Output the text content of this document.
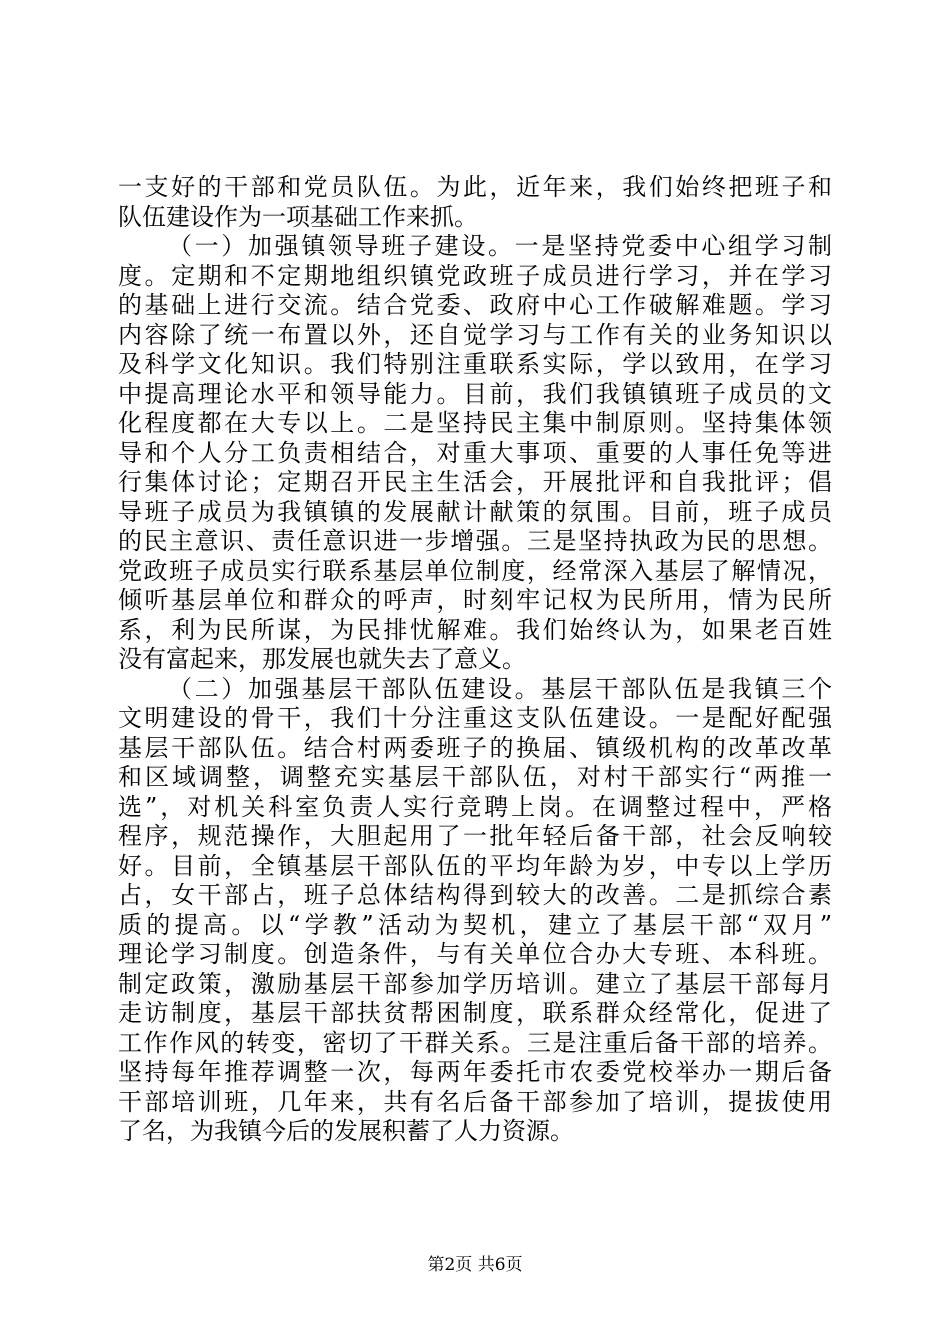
一支好的干部和党员队伍。为此，近年来，我们始终把班子和
队伍建设作为一项基础工作来抓。
（一）加强镇领导班子建设。一是坚持党委中心组学习制
度。定期和不定期地组织镇党政班子成员进行学习，并在学习
的基础上进行交流。结合党委、政府中心工作破解难题。学习
内容除了统一布置以外，还自觉学习与工作有关的业务知识以
及科学文化知识。我们特别注重联系实际，学以致用，在学习
中提高理论水平和领导能力。目前，我们我镇镇班子成员的文
化程度都在大专以上。二是坚持民主集中制原则。坚持集体领
导和个人分工负责相结合，对重大事项、重要的人事任免等进
行集体讨论；定期召开民主生活会，开展批评和自我批评；倡
导班子成员为我镇镇的发展献计献策的氛围。目前，班子成员
的民主意识、责任意识进一步增强。三是坚持执政为民的思想。
党政班子成员实行联系基层单位制度，经常深入基层了解情况，
倾听基层单位和群众的呼声，时刻牢记权为民所用，情为民所
系，利为民所谋，为民排忧解难。我们始终认为，如果老百姓
没有富起来，那发展也就失去了意义。
（二）加强基层干部队伍建设。基层干部队伍是我镇三个
文明建设的骨干，我们十分注重这支队伍建设。一是配好配强
基层干部队伍。结合村两委班子的换届、镇级机构的改革改革
和区域调整，调整充实基层干部队伍，对村干部实行“两推一
选”，对机关科室负责人实行竞聘上岗。在调整过程中，严格
程序，规范操作，大胆起用了一批年轻后备干部，社会反响较
好。目前，全镇基层干部队伍的平均年龄为岁，中专以上学历
占，女干部占，班子总体结构得到较大的改善。二是抓综合素
质的提高。以“学教”活动为契机，建立了基层干部“双月”
理论学习制度。创造条件，与有关单位合办大专班、本科班。
制定政策，激励基层干部参加学历培训。建立了基层干部每月
走访制度，基层干部扶贫帮困制度，联系群众经常化，促进了
工作作风的转变，密切了干群关系。三是注重后备干部的培养。
坚持每年推荐调整一次，每两年委托市农委党校举办一期后备
干部培训班，几年来，共有名后备干部参加了培训，提拔使用
了名，为我镇今后的发展积蓄了人力资源。
第2页 共6页
